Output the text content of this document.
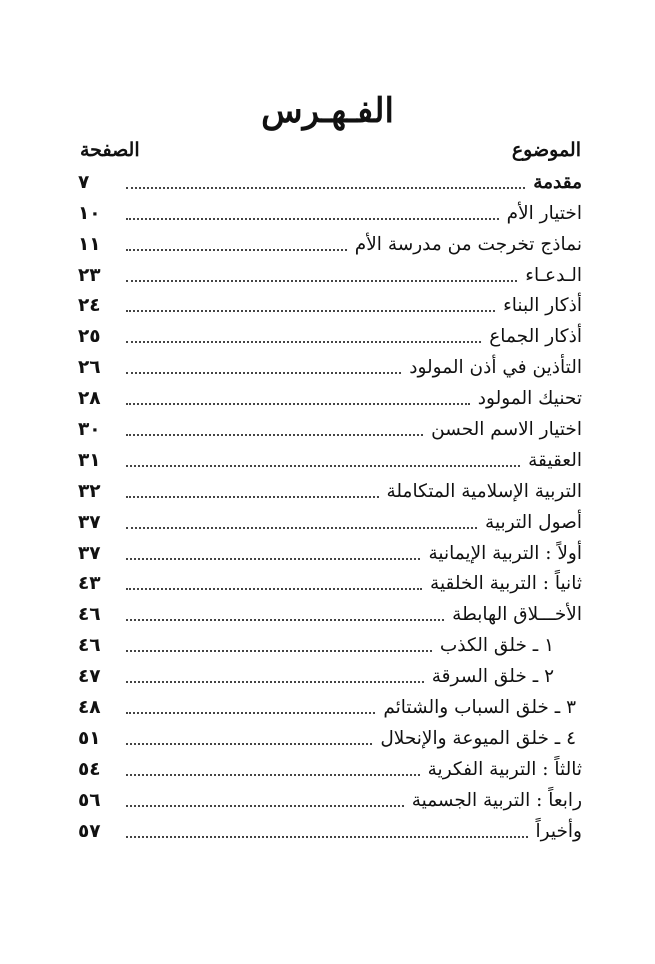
الفـهـرس
الموضوع
الصفحة
مقدمة
٧
اختيار الأم
١٠
نماذج تخرجت من مدرسة الأم
١١
الـدعـاء
٢٣
أذكار البناء
٢٤
أذكار الجماع
٢٥
التأذين في أذن المولود
٢٦
تحنيك المولود
٢٨
اختيار الاسم الحسن
٣٠
العقيقة
٣١
التربية الإسلامية المتكاملة
٣٢
أصول التربية
٣٧
أولاً : التربية الإيمانية
٣٧
ثانياً : التربية الخلقية
٤٣
الأخـــلاق الهابطة
٤٦
١ ـ خلق الكذب
٤٦
٢ ـ خلق السرقة
٤٧
٣ ـ خلق السباب والشتائم
٤٨
٤ ـ خلق الميوعة والإنحلال
٥١
ثالثاً : التربية الفكرية
٥٤
رابعاً : التربية الجسمية
٥٦
وأخيراً
٥٧
